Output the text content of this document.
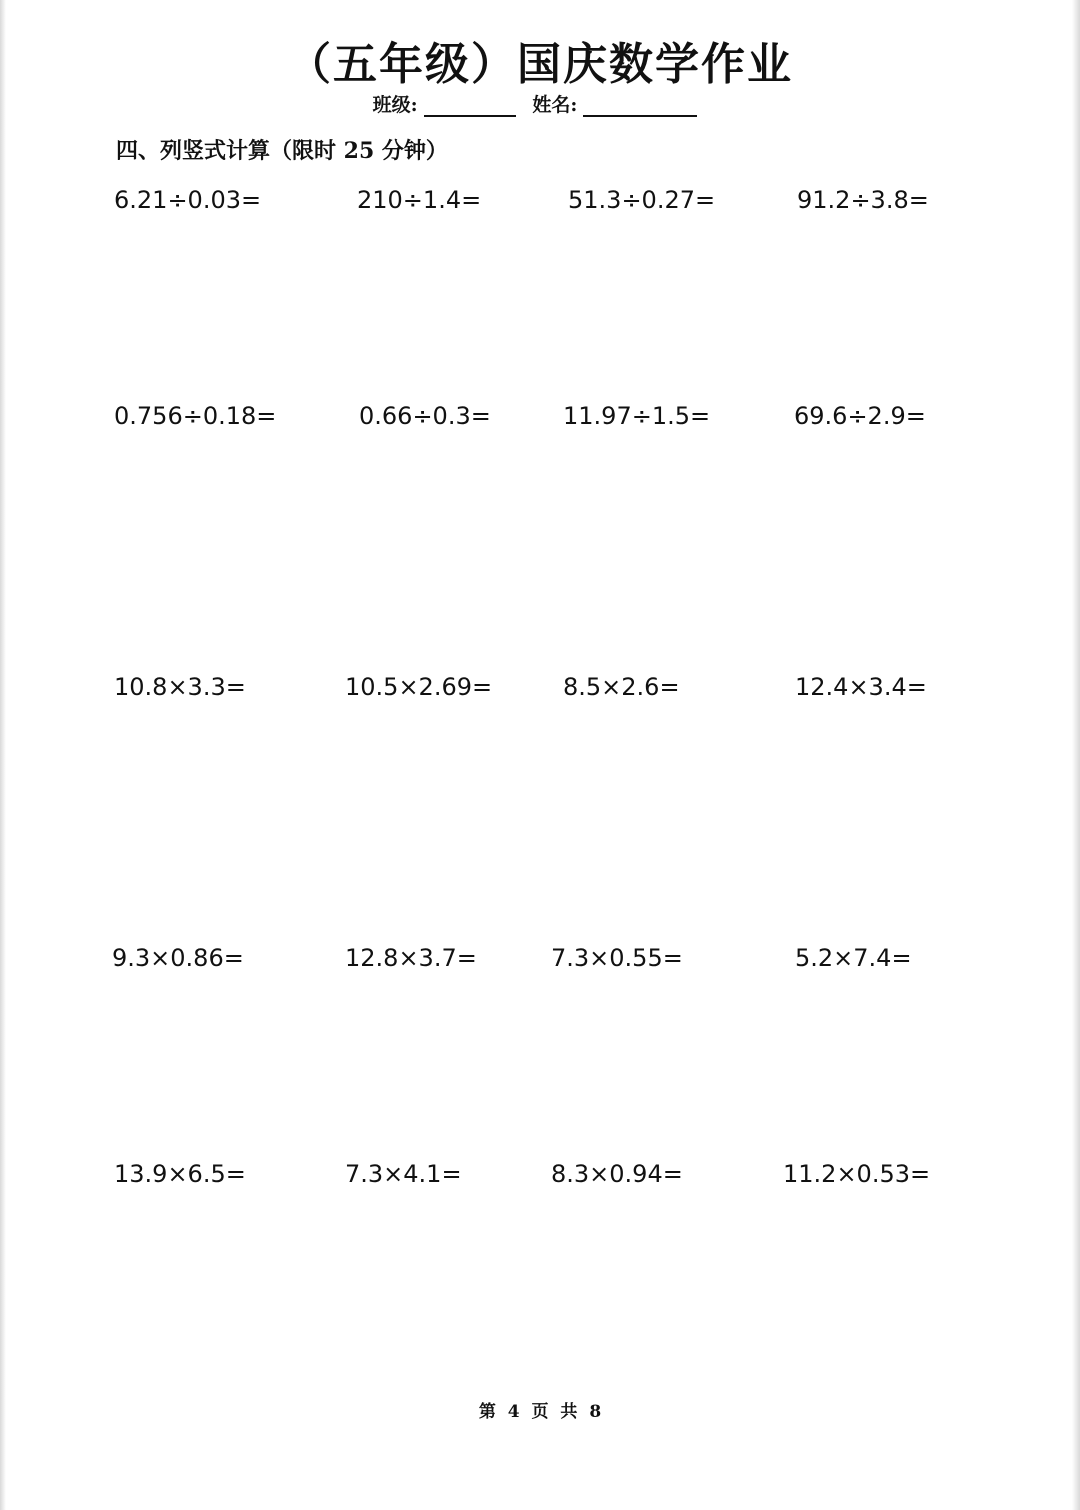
（五年级）国庆数学作业
班级:	姓名:
四、列竖式计算（限时 25 分钟）
6.21÷0.03=	210÷1.4=	51.3÷0.27=	91.2÷3.8=
0.756÷0.18=	0.66÷0.3=	11.97÷1.5=	69.6÷2.9=
10.8×3.3=	10.5×2.69=	8.5×2.6=	12.4×3.4=
9.3×0.86=	12.8×3.7=	7.3×0.55=	5.2×7.4=
13.9×6.5=	7.3×4.1=	8.3×0.94=	11.2×0.53=
第 4 页 共 8
